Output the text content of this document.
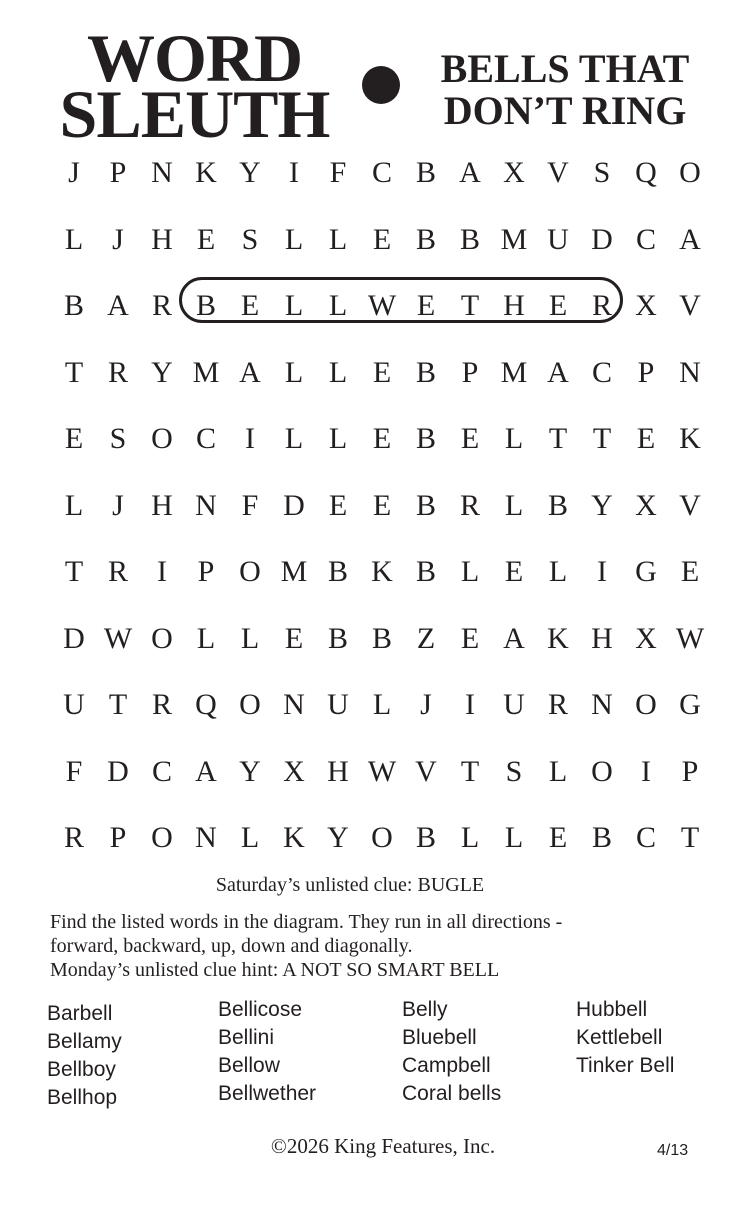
WORD
SLEUTH
BELLS THAT
DON’T RING
J P N K Y I	F C B A X V S Q O
L J H E S L L E B B M U D C A
B A R B E L L W E T H E R X V
T R Y M A L L E B P M A C P N
E S O C I L L E B E L T T E K
L J H N F D E E B R L B Y X V
T R I	P O M B K B L E L I G E
D W O L L E B B Z E A K H X W
U T R Q O N U L J	I U R N O G
F D C A Y X H W V T S L O I	P
R P O N L K Y O B L L E B C T
Saturday’s unlisted clue: BUGLE
Find the listed words in the diagram. They run in all directions -
forward, backward, up, down and diagonally.
Monday’s unlisted clue hint: A NOT SO SMART BELL
Barbell
Bellamy
Bellboy
Bellhop
Bellicose
Bellini
Bellow
Bellwether
Belly
Bluebell
Campbell
Coral bells
Hubbell
Kettlebell
Tinker Bell
©2026 King Features, Inc.	4/13
